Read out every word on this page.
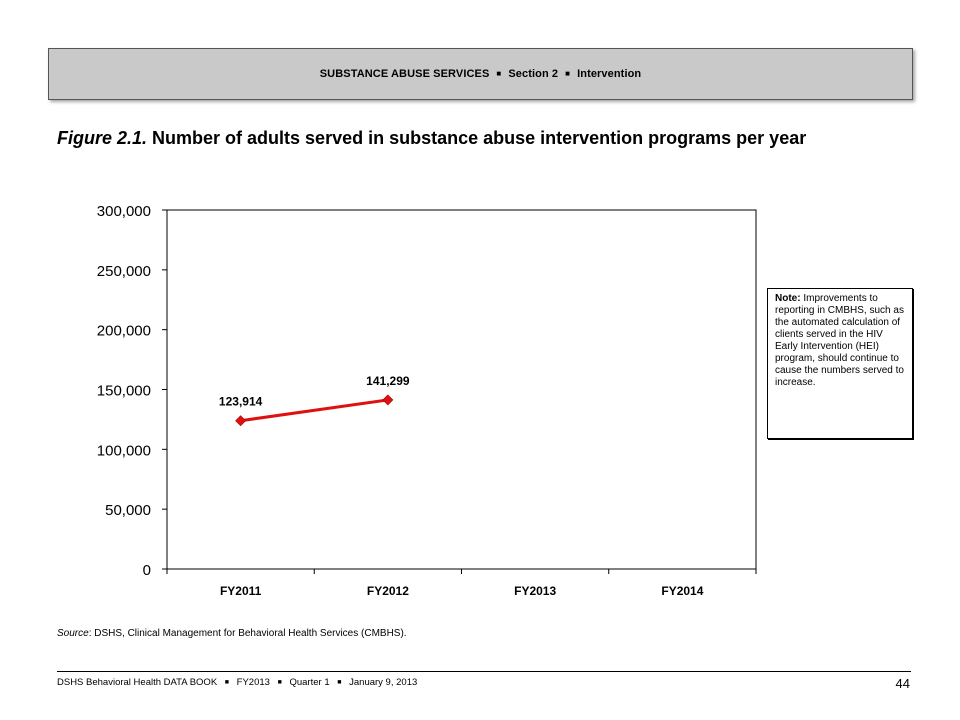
SUBSTANCE ABUSE SERVICES ■ Section 2 ■ Intervention
Figure 2.1. Number of adults served in substance abuse intervention programs per year
0
50,000
100,000
150,000
200,000
250,000
300,000
FY2011	FY2012	FY2013	FY2014
123,914
141,299
Note: Improvements to reporting in CMBHS, such as the automated calculation of clients served in the HIV Early Intervention (HEI) program, should continue to cause the numbers served to increase.
Source: DSHS, Clinical Management for Behavioral Health Services (CMBHS).
DSHS Behavioral Health DATA BOOK ■ FY2013 ■ Quarter 1 ■ January 9, 2013	44
